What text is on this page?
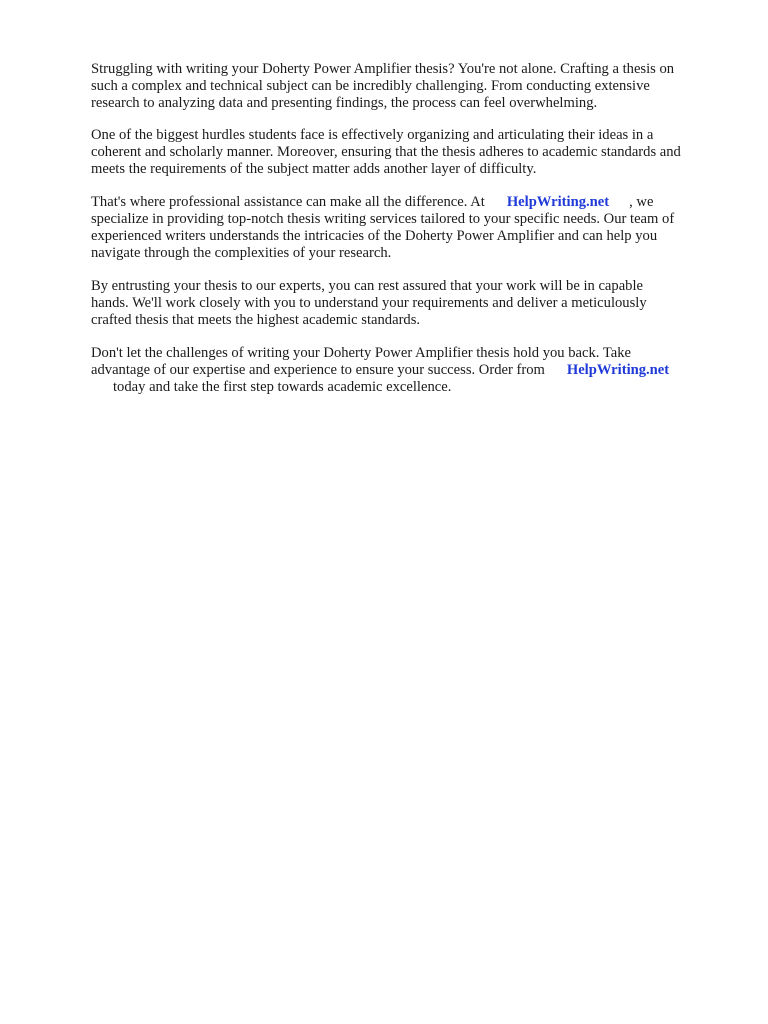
Struggling with writing your Doherty Power Amplifier thesis? You're not alone. Crafting a thesis on
such a complex and technical subject can be incredibly challenging. From conducting extensive
research to analyzing data and presenting findings, the process can feel overwhelming.

One of the biggest hurdles students face is effectively organizing and articulating their ideas in a
coherent and scholarly manner. Moreover, ensuring that the thesis adheres to academic standards and
meets the requirements of the subject matter adds another layer of difficulty.

That's where professional assistance can make all the difference. At HelpWriting.net , we
specialize in providing top-notch thesis writing services tailored to your specific needs. Our team of
experienced writers understands the intricacies of the Doherty Power Amplifier and can help you
navigate through the complexities of your research.

By entrusting your thesis to our experts, you can rest assured that your work will be in capable
hands. We'll work closely with you to understand your requirements and deliver a meticulously
crafted thesis that meets the highest academic standards.

Don't let the challenges of writing your Doherty Power Amplifier thesis hold you back. Take
advantage of our expertise and experience to ensure your success. Order from HelpWriting.net
today and take the first step towards academic excellence.
